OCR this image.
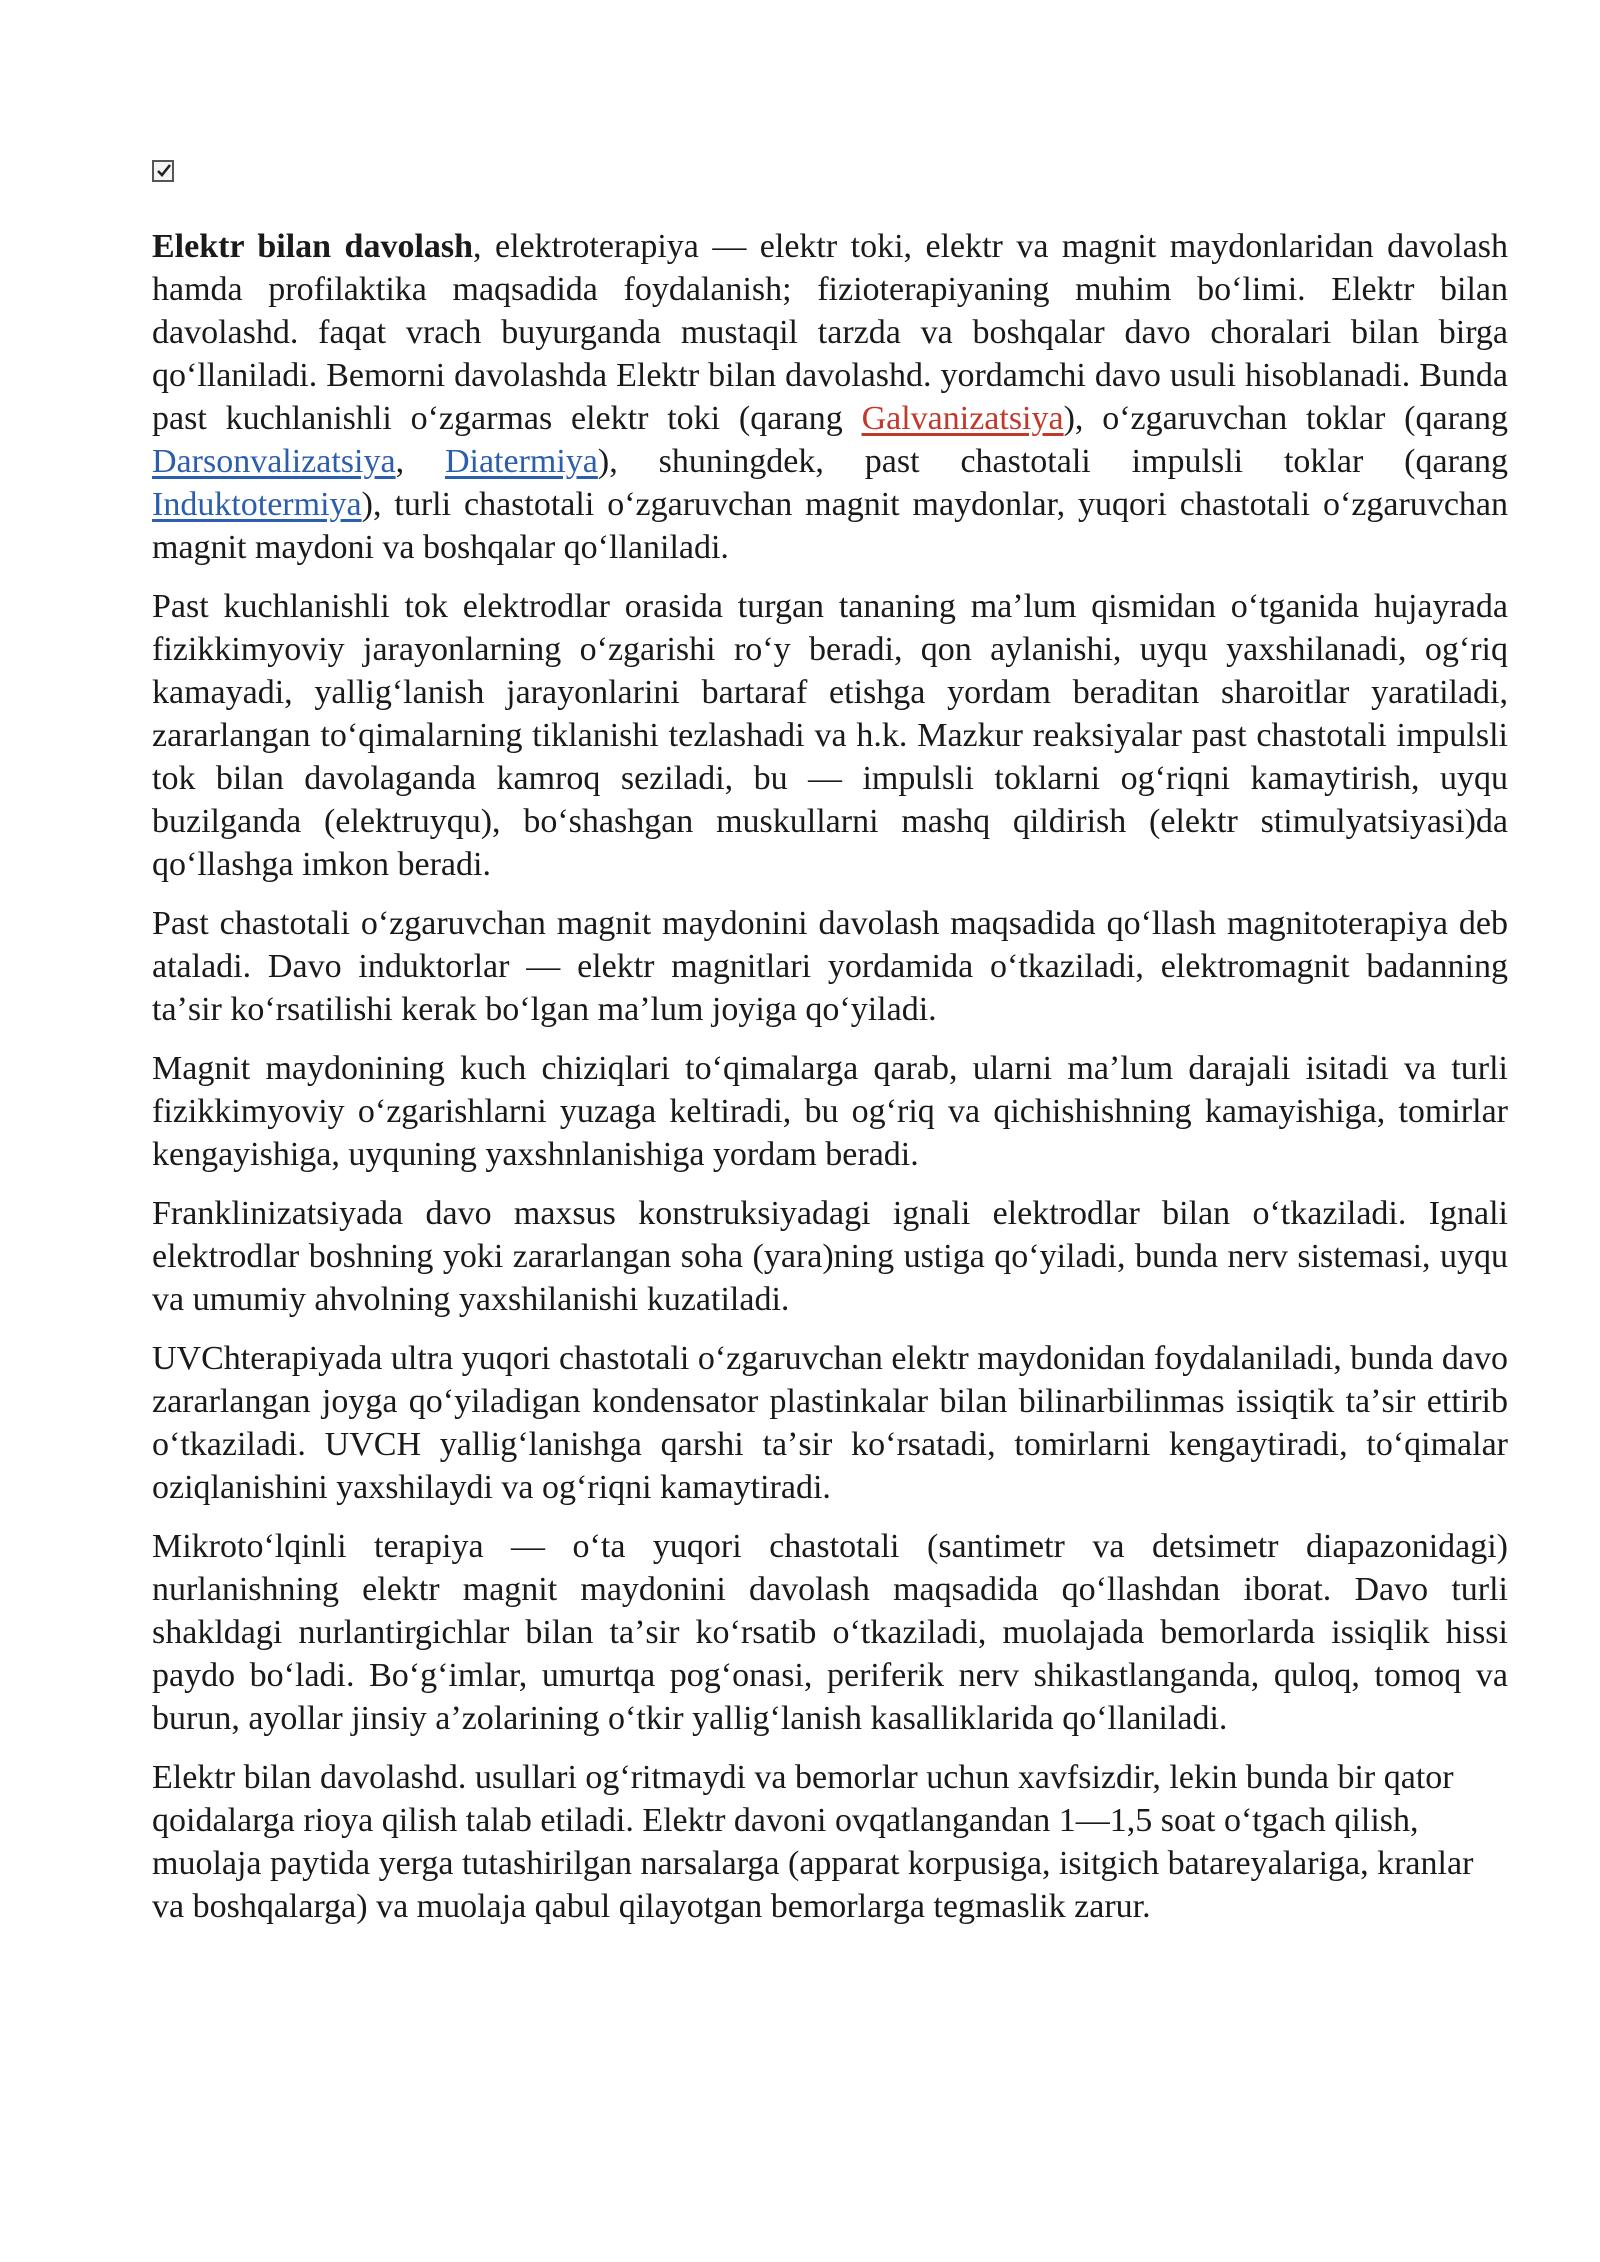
Elektr bilan davolash, elektroterapiya — elektr toki, elektr va magnit maydonlaridan davolash hamda profilaktika maqsadida foydalanish; fizioterapiyaning muhim boʻlimi. Elektr bilan davolashd. faqat vrach buyurganda mustaqil tarzda va boshqalar davo choralari bilan birga qoʻllaniladi. Bemorni davolashda Elektr bilan davolashd. yordamchi davo usuli hisoblanadi. Bunda past kuchlanishli oʻzgarmas elektr toki (qarang Galvanizatsiya), oʻzgaruvchan toklar (qarang Darsonvalizatsiya, Diatermiya), shuningdek, past chastotali impulsli toklar (qarang Induktotermiya), turli chastotali oʻzgaruvchan magnit maydonlar, yuqori chastotali oʻzgaruvchan magnit maydoni va boshqalar qoʻllaniladi.

Past kuchlanishli tok elektrodlar orasida turgan tananing maʼlum qismidan oʻtganida hujayrada fizikkimyoviy jarayonlarning oʻzgarishi roʻy beradi, qon aylanishi, uyqu yaxshilanadi, ogʻriq kamayadi, yalligʻlanish jarayonlarini bartaraf etishga yordam beraditan sharoitlar yaratiladi, zararlangan toʻqimalarning tiklanishi tezlashadi va h.k. Mazkur reaksiyalar past chastotali impulsli tok bilan davolaganda kamroq seziladi, bu — impulsli toklarni ogʻriqni kamaytirish, uyqu buzilganda (elektruyqu), boʻshashgan muskullarni mashq qildirish (elektr stimulyatsiyasi)da qoʻllashga imkon beradi.

Past chastotali oʻzgaruvchan magnit maydonini davolash maqsadida qoʻllash magnitoterapiya deb ataladi. Davo induktorlar — elektr magnitlari yordamida oʻtkaziladi, elektromagnit badanning taʼsir koʻrsatilishi kerak boʻlgan maʼlum joyiga qoʻyiladi.

Magnit maydonining kuch chiziqlari toʻqimalarga qarab, ularni maʼlum darajali isitadi va turli fizikkimyoviy oʻzgarishlarni yuzaga keltiradi, bu ogʻriq va qichishishning kamayishiga, tomirlar kengayishiga, uyquning yaxshnlanishiga yordam beradi.

Franklinizatsiyada davo maxsus konstruksiyadagi ignali elektrodlar bilan oʻtkaziladi. Ignali elektrodlar boshning yoki zararlangan soha (yara)ning ustiga qoʻyiladi, bunda nerv sistemasi, uyqu va umumiy ahvolning yaxshilanishi kuzatiladi.

UVChterapiyada ultra yuqori chastotali oʻzgaruvchan elektr maydonidan foydalaniladi, bunda davo zararlangan joyga qoʻyiladigan kondensator plastinkalar bilan bilinarbilinmas issiqtik taʼsir ettirib oʻtkaziladi. UVCH yalligʻlanishga qarshi taʼsir koʻrsatadi, tomirlarni kengaytiradi, toʻqimalar oziqlanishini yaxshilaydi va ogʻriqni kamaytiradi.

Mikrotoʻlqinli terapiya — oʻta yuqori chastotali (santimetr va detsimetr diapazonidagi) nurlanishning elektr magnit maydonini davolash maqsadida qoʻllashdan iborat. Davo turli shakldagi nurlantirgichlar bilan taʼsir koʻrsatib oʻtkaziladi, muolajada bemorlarda issiqlik hissi paydo boʻladi. Boʻgʻimlar, umurtqa pogʻonasi, periferik nerv shikastlanganda, quloq, tomoq va burun, ayollar jinsiy aʼzolarining oʻtkir yalligʻlanish kasalliklarida qoʻllaniladi.

Elektr bilan davolashd. usullari ogʻritmaydi va bemorlar uchun xavfsizdir, lekin bunda bir qator qoidalarga rioya qilish talab etiladi. Elektr davoni ovqatlangandan 1—1,5 soat oʻtgach qilish, muolaja paytida yerga tutashirilgan narsalarga (apparat korpusiga, isitgich batareyalariga, kranlar va boshqalarga) va muolaja qabul qilayotgan bemorlarga tegmaslik zarur.
